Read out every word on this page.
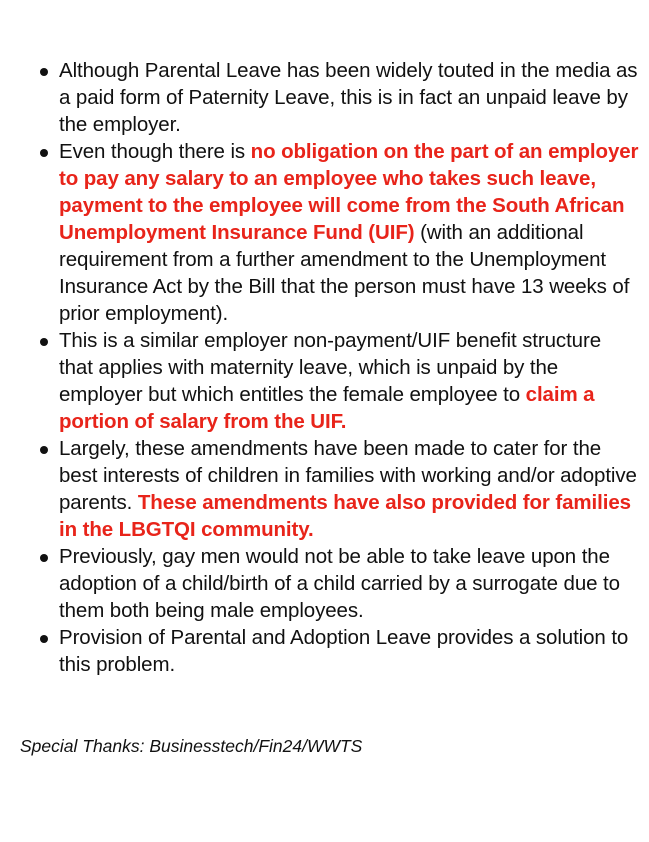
Although Parental Leave has been widely touted in the media as a paid form of Paternity Leave, this is in fact an unpaid leave by the employer.
Even though there is no obligation on the part of an employer to pay any salary to an employee who takes such leave, payment to the employee will come from the South African Unemployment Insurance Fund (UIF) (with an additional requirement from a further amendment to the Unemployment Insurance Act by the Bill that the person must have 13 weeks of prior employment).
This is a similar employer non-payment/UIF benefit structure that applies with maternity leave, which is unpaid by the employer but which entitles the female employee to claim a portion of salary from the UIF.
Largely, these amendments have been made to cater for the best interests of children in families with working and/or adoptive parents. These amendments have also provided for families in the LBGTQI community.
Previously, gay men would not be able to take leave upon the adoption of a child/birth of a child carried by a surrogate due to them both being male employees.
Provision of Parental and Adoption Leave provides a solution to this problem.

Special Thanks: Businesstech/Fin24/WWTS
